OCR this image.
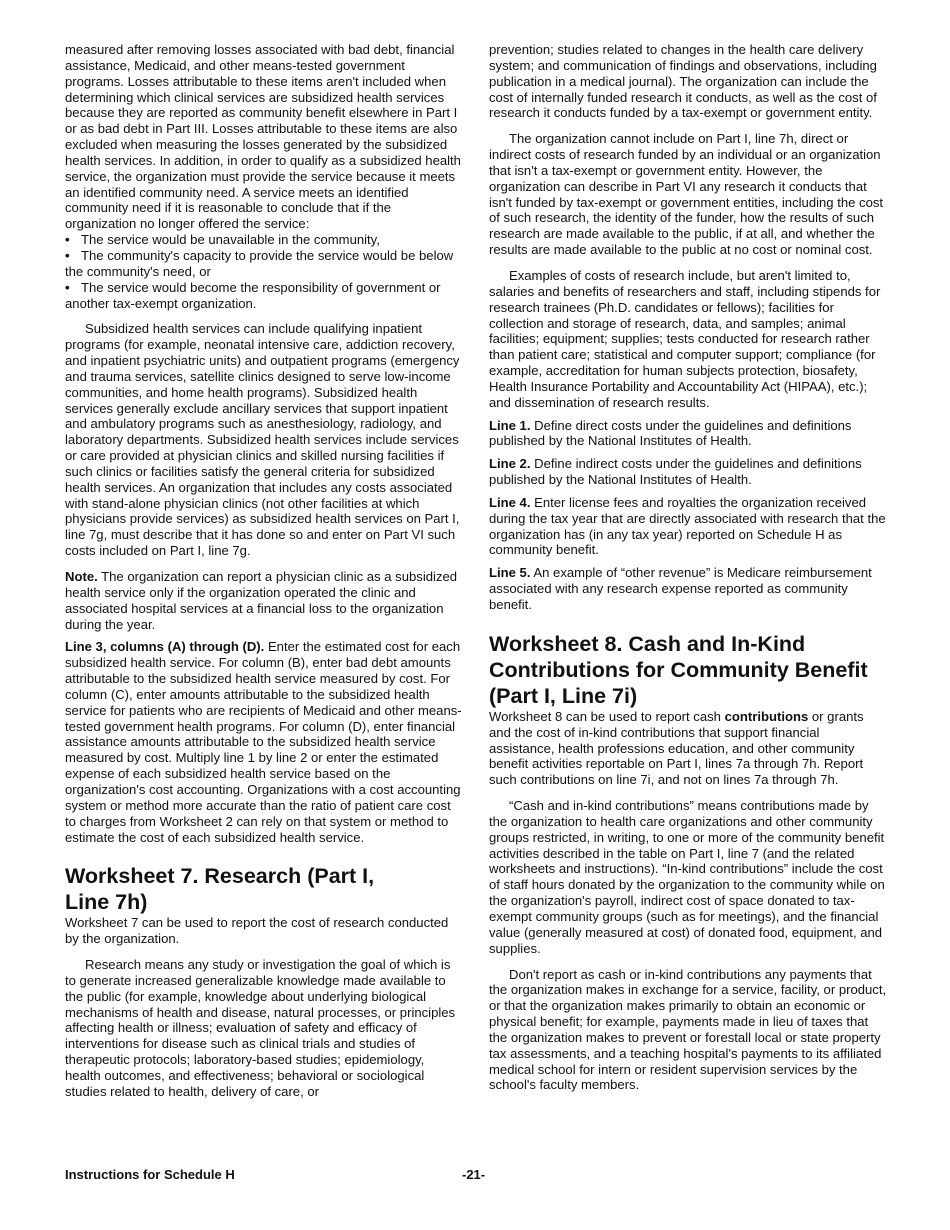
measured after removing losses associated with bad debt, financial assistance, Medicaid, and other means-tested government programs. Losses attributable to these items aren't included when determining which clinical services are subsidized health services because they are reported as community benefit elsewhere in Part I or as bad debt in Part III. Losses attributable to these items are also excluded when measuring the losses generated by the subsidized health services. In addition, in order to qualify as a subsidized health service, the organization must provide the service because it meets an identified community need. A service meets an identified community need if it is reasonable to conclude that if the organization no longer offered the service:

• The service would be unavailable in the community,

• The community's capacity to provide the service would be below the community's need, or

• The service would become the responsibility of government or another tax-exempt organization.

Subsidized health services can include qualifying inpatient programs (for example, neonatal intensive care, addiction recovery, and inpatient psychiatric units) and outpatient programs (emergency and trauma services, satellite clinics designed to serve low-income communities, and home health programs). Subsidized health services generally exclude ancillary services that support inpatient and ambulatory programs such as anesthesiology, radiology, and laboratory departments. Subsidized health services include services or care provided at physician clinics and skilled nursing facilities if such clinics or facilities satisfy the general criteria for subsidized health services. An organization that includes any costs associated with stand-alone physician clinics (not other facilities at which physicians provide services) as subsidized health services on Part I, line 7g, must describe that it has done so and enter on Part VI such costs included on Part I, line 7g.

Note. The organization can report a physician clinic as a subsidized health service only if the organization operated the clinic and associated hospital services at a financial loss to the organization during the year.

Line 3, columns (A) through (D). Enter the estimated cost for each subsidized health service. For column (B), enter bad debt amounts attributable to the subsidized health service measured by cost. For column (C), enter amounts attributable to the subsidized health service for patients who are recipients of Medicaid and other means-tested government health programs. For column (D), enter financial assistance amounts attributable to the subsidized health service measured by cost. Multiply line 1 by line 2 or enter the estimated expense of each subsidized health service based on the organization's cost accounting. Organizations with a cost accounting system or method more accurate than the ratio of patient care cost to charges from Worksheet 2 can rely on that system or method to estimate the cost of each subsidized health service.

Worksheet 7. Research (Part I,
Line 7h)

Worksheet 7 can be used to report the cost of research conducted by the organization.

Research means any study or investigation the goal of which is to generate increased generalizable knowledge made available to the public (for example, knowledge about underlying biological mechanisms of health and disease, natural processes, or principles affecting health or illness; evaluation of safety and efficacy of interventions for disease such as clinical trials and studies of therapeutic protocols; laboratory-based studies; epidemiology, health outcomes, and effectiveness; behavioral or sociological studies related to health, delivery of care, or

prevention; studies related to changes in the health care delivery system; and communication of findings and observations, including publication in a medical journal). The organization can include the cost of internally funded research it conducts, as well as the cost of research it conducts funded by a tax-exempt or government entity.

The organization cannot include on Part I, line 7h, direct or indirect costs of research funded by an individual or an organization that isn't a tax-exempt or government entity. However, the organization can describe in Part VI any research it conducts that isn't funded by tax-exempt or government entities, including the cost of such research, the identity of the funder, how the results of such research are made available to the public, if at all, and whether the results are made available to the public at no cost or nominal cost.

Examples of costs of research include, but aren't limited to, salaries and benefits of researchers and staff, including stipends for research trainees (Ph.D. candidates or fellows); facilities for collection and storage of research, data, and samples; animal facilities; equipment; supplies; tests conducted for research rather than patient care; statistical and computer support; compliance (for example, accreditation for human subjects protection, biosafety, Health Insurance Portability and Accountability Act (HIPAA), etc.); and dissemination of research results.

Line 1. Define direct costs under the guidelines and definitions published by the National Institutes of Health.

Line 2. Define indirect costs under the guidelines and definitions published by the National Institutes of Health.

Line 4. Enter license fees and royalties the organization received during the tax year that are directly associated with research that the organization has (in any tax year) reported on Schedule H as community benefit.

Line 5. An example of “other revenue” is Medicare reimbursement associated with any research expense reported as community benefit.

Worksheet 8. Cash and In-Kind
Contributions for Community Benefit
(Part I, Line 7i)

Worksheet 8 can be used to report cash contributions or grants and the cost of in-kind contributions that support financial assistance, health professions education, and other community benefit activities reportable on Part I, lines 7a through 7h. Report such contributions on line 7i, and not on lines 7a through 7h.

“Cash and in-kind contributions” means contributions made by the organization to health care organizations and other community groups restricted, in writing, to one or more of the community benefit activities described in the table on Part I, line 7 (and the related worksheets and instructions). “In-kind contributions” include the cost of staff hours donated by the organization to the community while on the organization's payroll, indirect cost of space donated to tax-exempt community groups (such as for meetings), and the financial value (generally measured at cost) of donated food, equipment, and supplies.

Don't report as cash or in-kind contributions any payments that the organization makes in exchange for a service, facility, or product, or that the organization makes primarily to obtain an economic or physical benefit; for example, payments made in lieu of taxes that the organization makes to prevent or forestall local or state property tax assessments, and a teaching hospital's payments to its affiliated medical school for intern or resident supervision services by the school's faculty members.

Instructions for Schedule H	-21-
